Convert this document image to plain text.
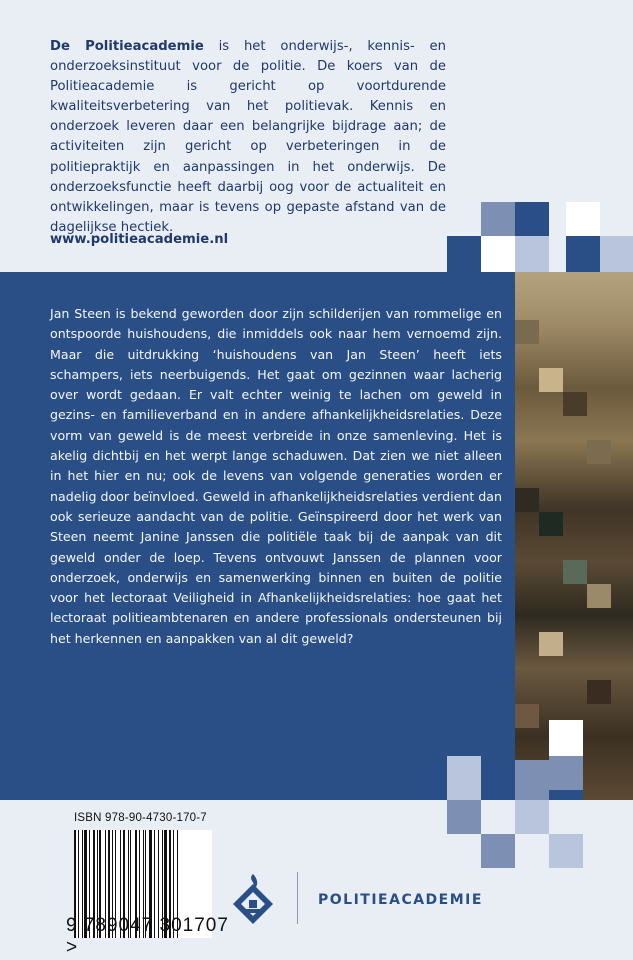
De Politieacademie is het onderwijs-, kennis- en onderzoeksinstituut voor de politie. De koers van de Politieacademie is gericht op voortdurende kwaliteitsverbetering van het politievak. Kennis en onderzoek leveren daar een belangrijke bijdrage aan; de activiteiten zijn gericht op verbeteringen in de politiepraktijk en aanpassingen in het onderwijs. De onderzoeksfunctie heeft daarbij oog voor de actualiteit en ontwikkelingen, maar is tevens op gepaste afstand van de dagelijkse hectiek.
www.politieacademie.nl

Jan Steen is bekend geworden door zijn schilderijen van rommelige en ontspoorde huishoudens, die inmiddels ook naar hem vernoemd zijn. Maar die uitdrukking ‘huishoudens van Jan Steen’ heeft iets schampers, iets neerbuigends. Het gaat om gezinnen waar lacherig over wordt gedaan. Er valt echter weinig te lachen om geweld in gezins- en familieverband en in andere afhankelijkheidsrelaties. Deze vorm van geweld is de meest verbreide in onze samenleving. Het is akelig dichtbij en het werpt lange schaduwen. Dat zien we niet alleen in het hier en nu; ook de levens van volgende generaties worden er nadelig door beïnvloed. Geweld in afhankelijkheidsrelaties verdient dan ook serieuze aandacht van de politie. Geïnspireerd door het werk van Steen neemt Janine Janssen die politiële taak bij de aanpak van dit geweld onder de loep. Tevens ontvouwt Janssen de plannen voor onderzoek, onderwijs en samenwerking binnen en buiten de politie voor het lectoraat Veiligheid in Afhankelijkheidsrelaties: hoe gaat het lectoraat politieambtenaren en andere professionals ondersteunen bij het herkennen en aanpakken van al dit geweld?

ISBN 978-90-4730-170-7
9 789047 301707 >
POLITIEACADEMIE
